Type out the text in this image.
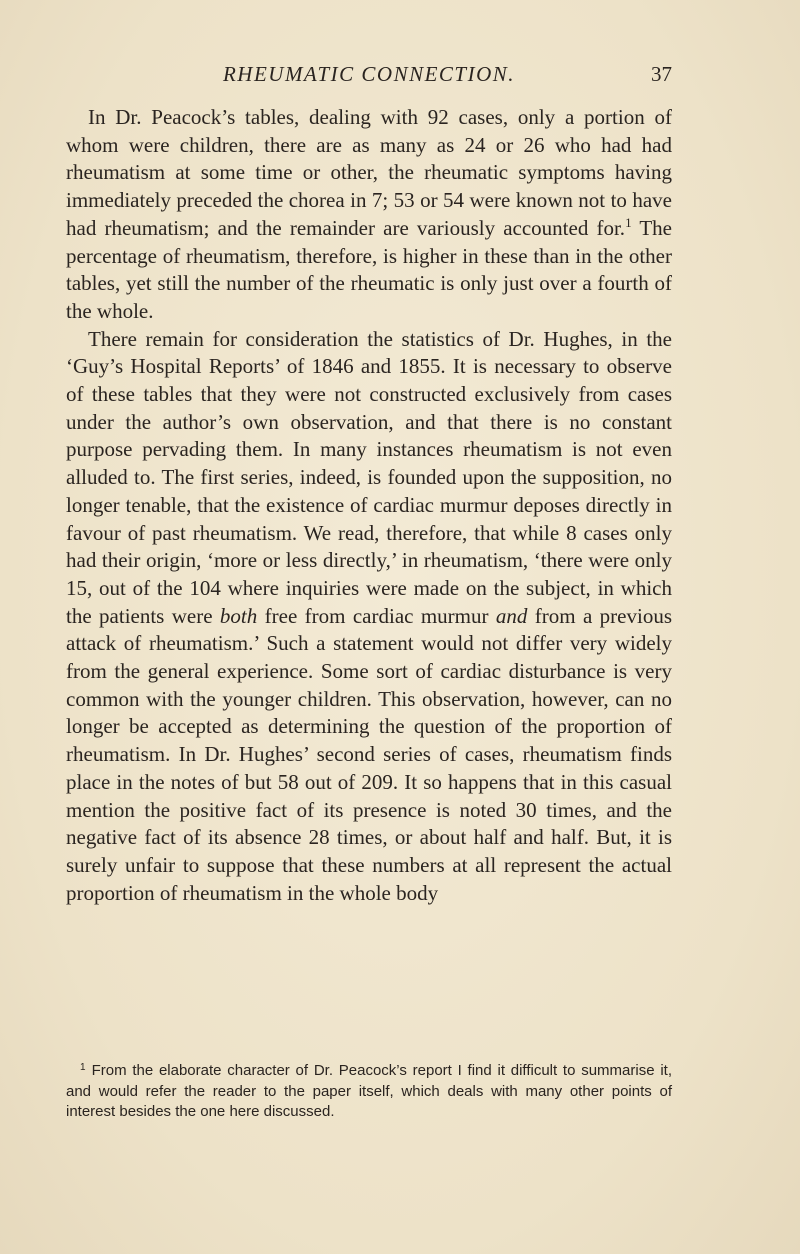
RHEUMATIC CONNECTION.	37

In Dr. Peacock’s tables, dealing with 92 cases, only a portion of whom were children, there are as many as 24 or 26 who had had rheumatism at some time or other, the rheumatic symptoms having immediately preceded the chorea in 7; 53 or 54 were known not to have had rheumatism; and the remainder are variously accounted for.$^1$ The percentage of rheumatism, therefore, is higher in these than in the other tables, yet still the number of the rheumatic is only just over a fourth of the whole.

There remain for consideration the statistics of Dr. Hughes, in the ‘Guy’s Hospital Reports’ of 1846 and 1855. It is necessary to observe of these tables that they were not constructed exclusively from cases under the author’s own observation, and that there is no constant purpose pervading them. In many instances rheumatism is not even alluded to. The first series, indeed, is founded upon the supposition, no longer tenable, that the existence of cardiac murmur deposes directly in favour of past rheumatism. We read, therefore, that while 8 cases only had their origin, ‘more or less directly,’ in rheumatism, ‘there were only 15, out of the 104 where inquiries were made on the subject, in which the patients were both free from cardiac murmur and from a previous attack of rheumatism.’ Such a statement would not differ very widely from the general experience. Some sort of cardiac disturbance is very common with the younger children. This observation, however, can no longer be accepted as determining the question of the proportion of rheumatism. In Dr. Hughes’ second series of cases, rheumatism finds place in the notes of but 58 out of 209. It so happens that in this casual mention the positive fact of its presence is noted 30 times, and the negative fact of its absence 28 times, or about half and half. But, it is surely unfair to suppose that these numbers at all represent the actual proportion of rheumatism in the whole body

$^1$ From the elaborate character of Dr. Peacock’s report I find it difficult to summarise it, and would refer the reader to the paper itself, which deals with many other points of interest besides the one here discussed.
